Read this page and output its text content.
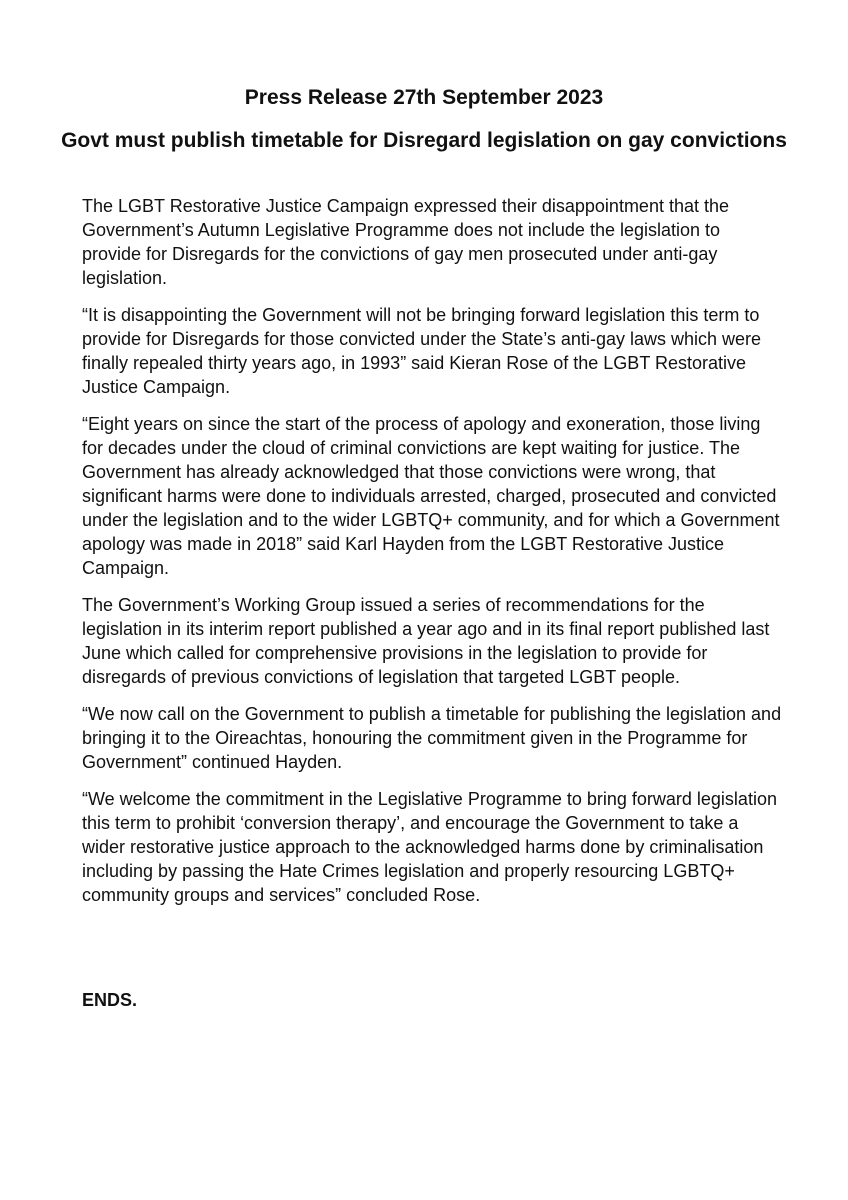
Press Release 27th September 2023
Govt must publish timetable for Disregard legislation on gay convictions

The LGBT Restorative Justice Campaign expressed their disappointment that the Government’s Autumn Legislative Programme does not include the legislation to provide for Disregards for the convictions of gay men prosecuted under anti-gay legislation.

“It is disappointing the Government will not be bringing forward legislation this term to provide for Disregards for those convicted under the State’s anti-gay laws which were finally repealed thirty years ago, in 1993” said Kieran Rose of the LGBT Restorative Justice Campaign.

“Eight years on since the start of the process of apology and exoneration, those living for decades under the cloud of criminal convictions are kept waiting for justice. The Government has already acknowledged that those convictions were wrong, that significant harms were done to individuals arrested, charged, prosecuted and convicted under the legislation and to the wider LGBTQ+ community, and for which a Government apology was made in 2018” said Karl Hayden from the LGBT Restorative Justice Campaign.

The Government’s Working Group issued a series of recommendations for the legislation in its interim report published a year ago and in its final report published last June which called for comprehensive provisions in the legislation to provide for disregards of previous convictions of legislation that targeted LGBT people.

“We now call on the Government to publish a timetable for publishing the legislation and bringing it to the Oireachtas, honouring the commitment given in the Programme for Government” continued Hayden.

“We welcome the commitment in the Legislative Programme to bring forward legislation this term to prohibit ‘conversion therapy’, and encourage the Government to take a wider restorative justice approach to the acknowledged harms done by criminalisation including by passing the Hate Crimes legislation and properly resourcing LGBTQ+ community groups and services” concluded Rose.

ENDS.
